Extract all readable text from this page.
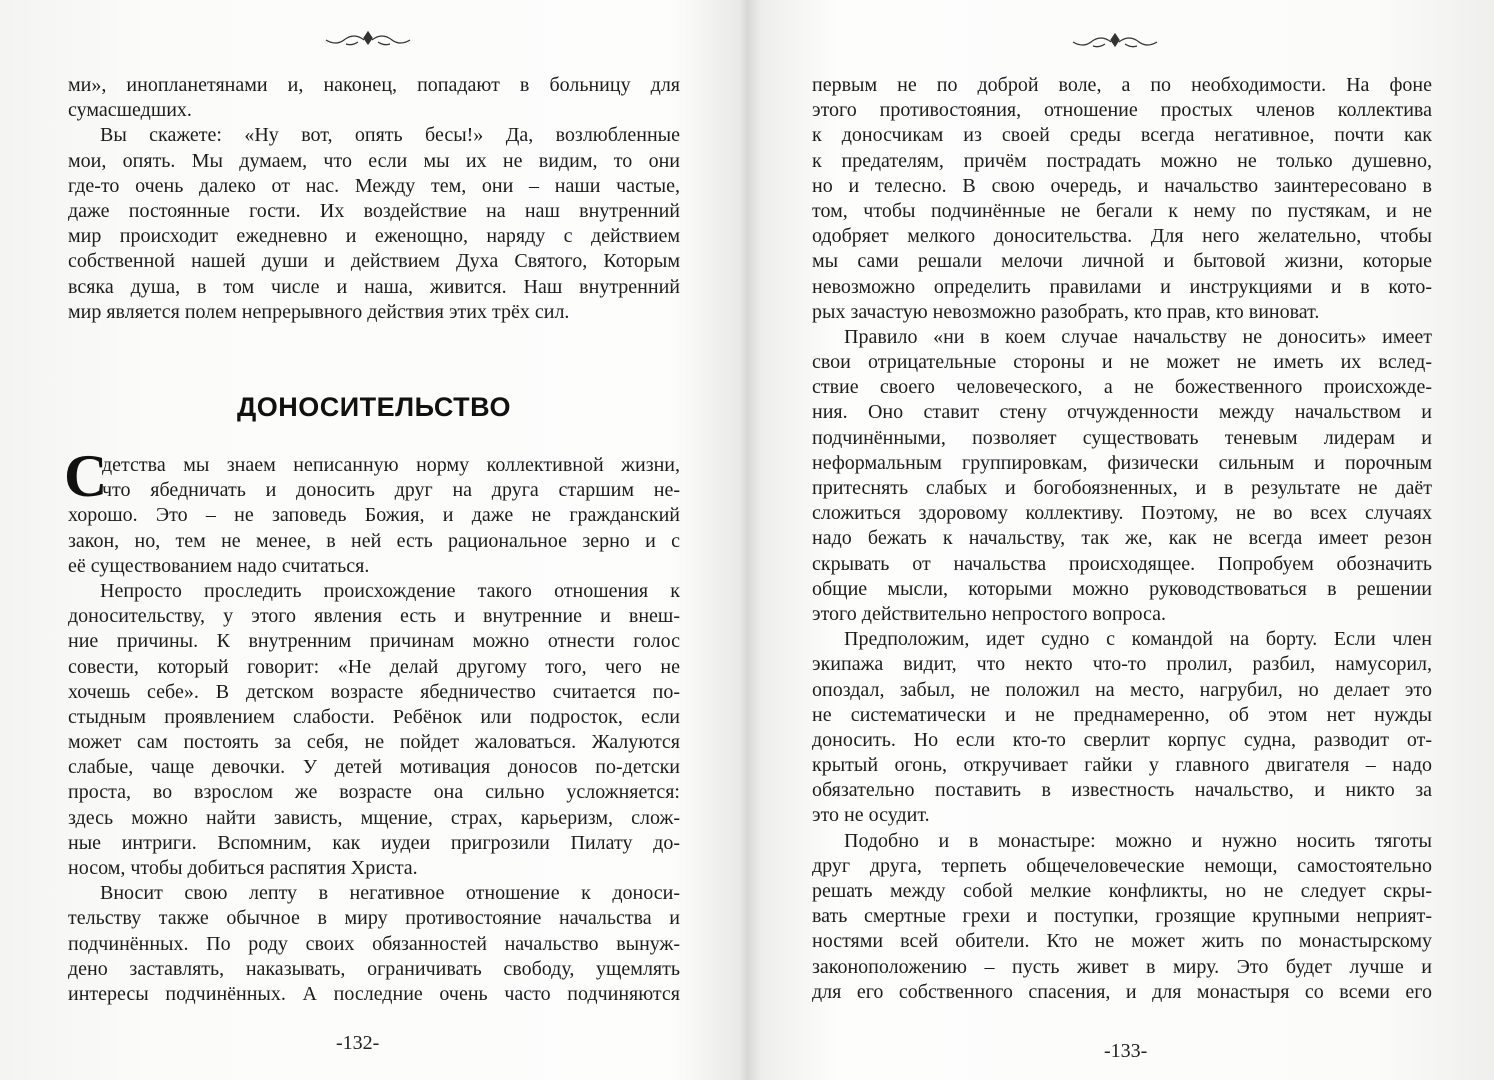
ми», инопланетянами и, наконец, попадают в больницу для
сумасшедших.
Вы скажете: «Ну вот, опять бесы!» Да, возлюбленные
мои, опять. Мы думаем, что если мы их не видим, то они
где-то очень далеко от нас. Между тем, они – наши частые,
даже постоянные гости. Их воздействие на наш внутренний
мир происходит ежедневно и еженощно, наряду с действием
собственной нашей души и действием Духа Святого, Которым
всяка душа, в том числе и наша, живится. Наш внутренний
мир является полем непрерывного действия этих трёх сил.
ДОНОСИТЕЛЬСТВО
С
детства мы знаем неписанную норму коллективной жизни,
что ябедничать и доносить друг на друга старшим не-
хорошо. Это – не заповедь Божия, и даже не гражданский
закон, но, тем не менее, в ней есть рациональное зерно и с
её существованием надо считаться.
Непросто проследить происхождение такого отношения к
доносительству, у этого явления есть и внутренние и внеш-
ние причины. К внутренним причинам можно отнести голос
совести, который говорит: «Не делай другому того, чего не
хочешь себе». В детском возрасте ябедничество считается по-
стыдным проявлением слабости. Ребёнок или подросток, если
может сам постоять за себя, не пойдет жаловаться. Жалуются
слабые, чаще девочки. У детей мотивация доносов по-детски
проста, во взрослом же возрасте она сильно усложняется:
здесь можно найти зависть, мщение, страх, карьеризм, слож-
ные интриги. Вспомним, как иудеи пригрозили Пилату до-
носом, чтобы добиться распятия Христа.
Вносит свою лепту в негативное отношение к доноси-
тельству также обычное в миру противостояние начальства и
подчинённых. По роду своих обязанностей начальство вынуж-
дено заставлять, наказывать, ограничивать свободу, ущемлять
интересы подчинённых. А последние очень часто подчиняются
первым не по доброй воле, а по необходимости. На фоне
этого противостояния, отношение простых членов коллектива
к доносчикам из своей среды всегда негативное, почти как
к предателям, причём пострадать можно не только душевно,
но и телесно. В свою очередь, и начальство заинтересовано в
том, чтобы подчинённые не бегали к нему по пустякам, и не
одобряет мелкого доносительства. Для него желательно, чтобы
мы сами решали мелочи личной и бытовой жизни, которые
невозможно определить правилами и инструкциями и в кото-
рых зачастую невозможно разобрать, кто прав, кто виноват.
Правило «ни в коем случае начальству не доносить» имеет
свои отрицательные стороны и не может не иметь их вслед-
ствие своего человеческого, а не божественного происхожде-
ния. Оно ставит стену отчужденности между начальством и
подчинёнными, позволяет существовать теневым лидерам и
неформальным группировкам, физически сильным и порочным
притеснять слабых и богобоязненных, и в результате не даёт
сложиться здоровому коллективу. Поэтому, не во всех случаях
надо бежать к начальству, так же, как не всегда имеет резон
скрывать от начальства происходящее. Попробуем обозначить
общие мысли, которыми можно руководствоваться в решении
этого действительно непростого вопроса.
Предположим, идет судно с командой на борту. Если член
экипажа видит, что некто что-то пролил, разбил, намусорил,
опоздал, забыл, не положил на место, нагрубил, но делает это
не систематически и не преднамеренно, об этом нет нужды
доносить. Но если кто-то сверлит корпус судна, разводит от-
крытый огонь, откручивает гайки у главного двигателя – надо
обязательно поставить в известность начальство, и никто за
это не осудит.
Подобно и в монастыре: можно и нужно носить тяготы
друг друга, терпеть общечеловеческие немощи, самостоятельно
решать между собой мелкие конфликты, но не следует скры-
вать смертные грехи и поступки, грозящие крупными неприят-
ностями всей обители. Кто не может жить по монастырскому
законоположению – пусть живет в миру. Это будет лучше и
для его собственного спасения, и для монастыря со всеми его
-132-	-133-
